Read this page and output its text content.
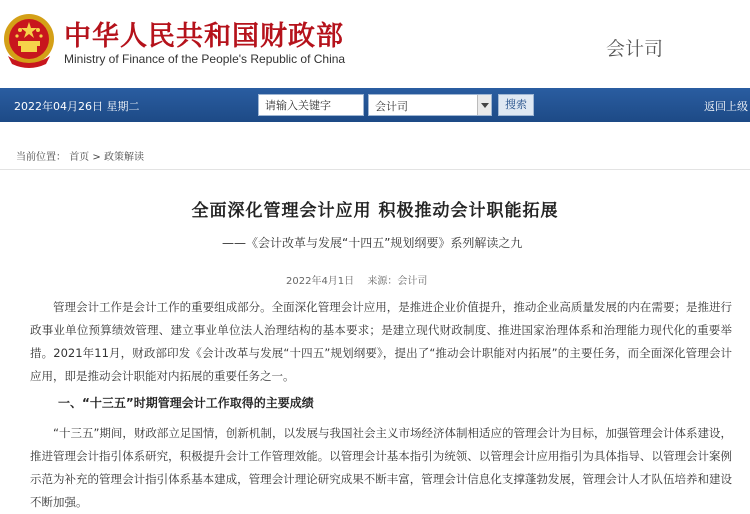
中华人民共和国财政部
Ministry of Finance of the People's Republic of China	会计司
2022年04月26日 星期二
请输入关键字	会计司	搜索	返回上级
当前位置： 首页 > 政策解读
全面深化管理会计应用 积极推动会计职能拓展
——《会计改革与发展“十四五”规划纲要》系列解读之九
2022年4月1日 来源：会计司
管理会计工作是会计工作的重要组成部分。全面深化管理会计应用，是推进企业价值提升，推动企业高质量发展的内在需要；是推进行政事业单位预算绩效管理、建立事业单位法人治理结构的基本要求；是建立现代财政制度、推进国家治理体系和治理能力现代化的重要举措。2021年11月，财政部印发《会计改革与发展“十四五”规划纲要》，提出了“推动会计职能对内拓展”的主要任务，而全面深化管理会计应用，即是推动会计职能对内拓展的重要任务之一。
一、“十三五”时期管理会计工作取得的主要成绩
“十三五”期间，财政部立足国情，创新机制，以发展与我国社会主义市场经济体制相适应的管理会计为目标，加强管理会计体系建设，推进管理会计指引体系研究，积极提升会计工作管理效能。以管理会计基本指引为统领、以管理会计应用指引为具体指导、以管理会计案例示范为补充的管理会计指引体系基本建成，管理会计理论研究成果不断丰富，管理会计信息化支撑蓬勃发展，管理会计人才队伍培养和建设不断加强。
